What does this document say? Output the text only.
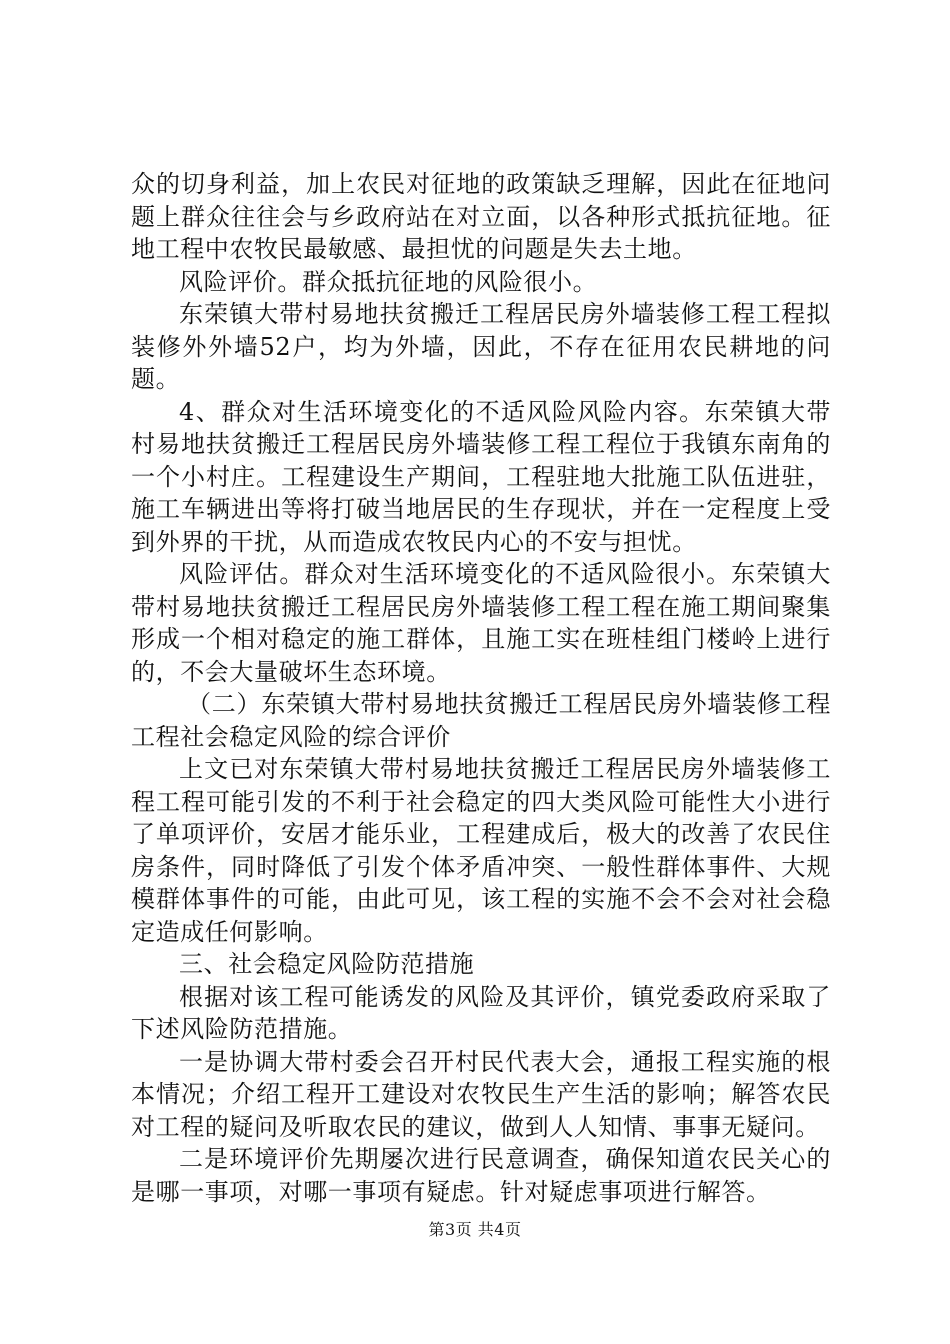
众的切身利益，加上农民对征地的政策缺乏理解，因此在征地问题上群众往往会与乡政府站在对立面，以各种形式抵抗征地。征地工程中农牧民最敏感、最担忧的问题是失去土地。

风险评价。群众抵抗征地的风险很小。

东荣镇大带村易地扶贫搬迁工程居民房外墙装修工程工程拟装修外外墙52户，均为外墙，因此，不存在征用农民耕地的问题。

4、群众对生活环境变化的不适风险风险内容。东荣镇大带村易地扶贫搬迁工程居民房外墙装修工程工程位于我镇东南角的一个小村庄。工程建设生产期间，工程驻地大批施工队伍进驻，施工车辆进出等将打破当地居民的生存现状，并在一定程度上受到外界的干扰，从而造成农牧民内心的不安与担忧。

风险评估。群众对生活环境变化的不适风险很小。东荣镇大带村易地扶贫搬迁工程居民房外墙装修工程工程在施工期间聚集形成一个相对稳定的施工群体，且施工实在班桂组门楼岭上进行的，不会大量破坏生态环境。

（二）东荣镇大带村易地扶贫搬迁工程居民房外墙装修工程工程社会稳定风险的综合评价

上文已对东荣镇大带村易地扶贫搬迁工程居民房外墙装修工程工程可能引发的不利于社会稳定的四大类风险可能性大小进行了单项评价，安居才能乐业，工程建成后，极大的改善了农民住房条件，同时降低了引发个体矛盾冲突、一般性群体事件、大规模群体事件的可能，由此可见，该工程的实施不会不会对社会稳定造成任何影响。

三、社会稳定风险防范措施

根据对该工程可能诱发的风险及其评价，镇党委政府采取了下述风险防范措施。

一是协调大带村委会召开村民代表大会，通报工程实施的根本情况；介绍工程开工建设对农牧民生产生活的影响；解答农民对工程的疑问及听取农民的建议，做到人人知情、事事无疑问。

二是环境评价先期屡次进行民意调查，确保知道农民关心的是哪一事项，对哪一事项有疑虑。针对疑虑事项进行解答。

第3页 共4页
